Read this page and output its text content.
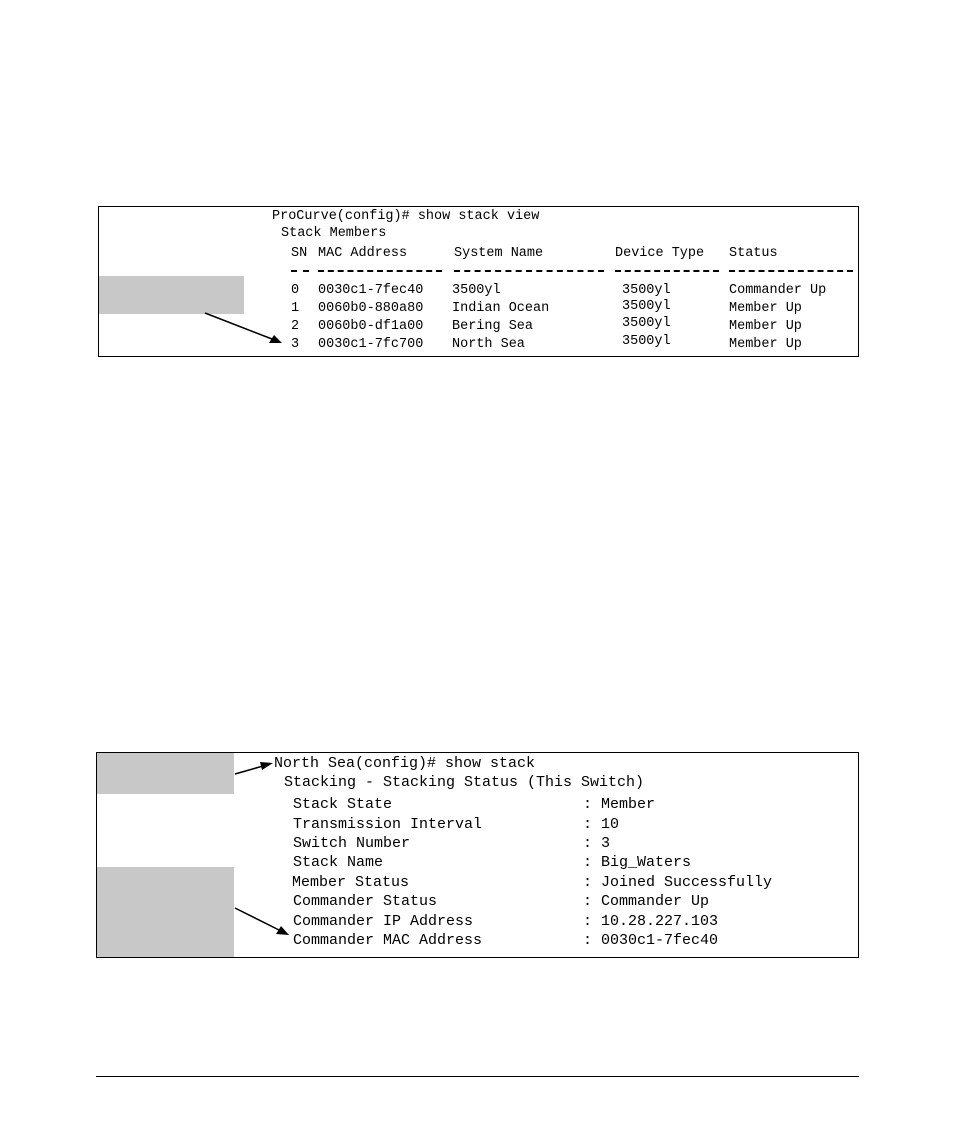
ProCurve(config)# show stack view
Stack Members
SN MAC Address	System Name	Device Type Status
0 0030c1-7fec40 3500yl	3500yl	Commander Up
1 0060b0-880a80 Indian Ocean	3500yl	Member Up
2 0060b0-df1a00 Bering Sea	3500yl	Member Up
3 0030c1-7fc700 North Sea	3500yl	Member Up
North Sea(config)# show stack
Stacking - Stacking Status (This Switch)
Stack State	: Member
Transmission Interval	: 10
Switch Number	: 3
Stack Name	: Big_Waters
Member Status	: Joined Successfully
Commander Status	: Commander Up
Commander IP Address	: 10.28.227.103
Commander MAC Address	: 0030c1-7fec40
